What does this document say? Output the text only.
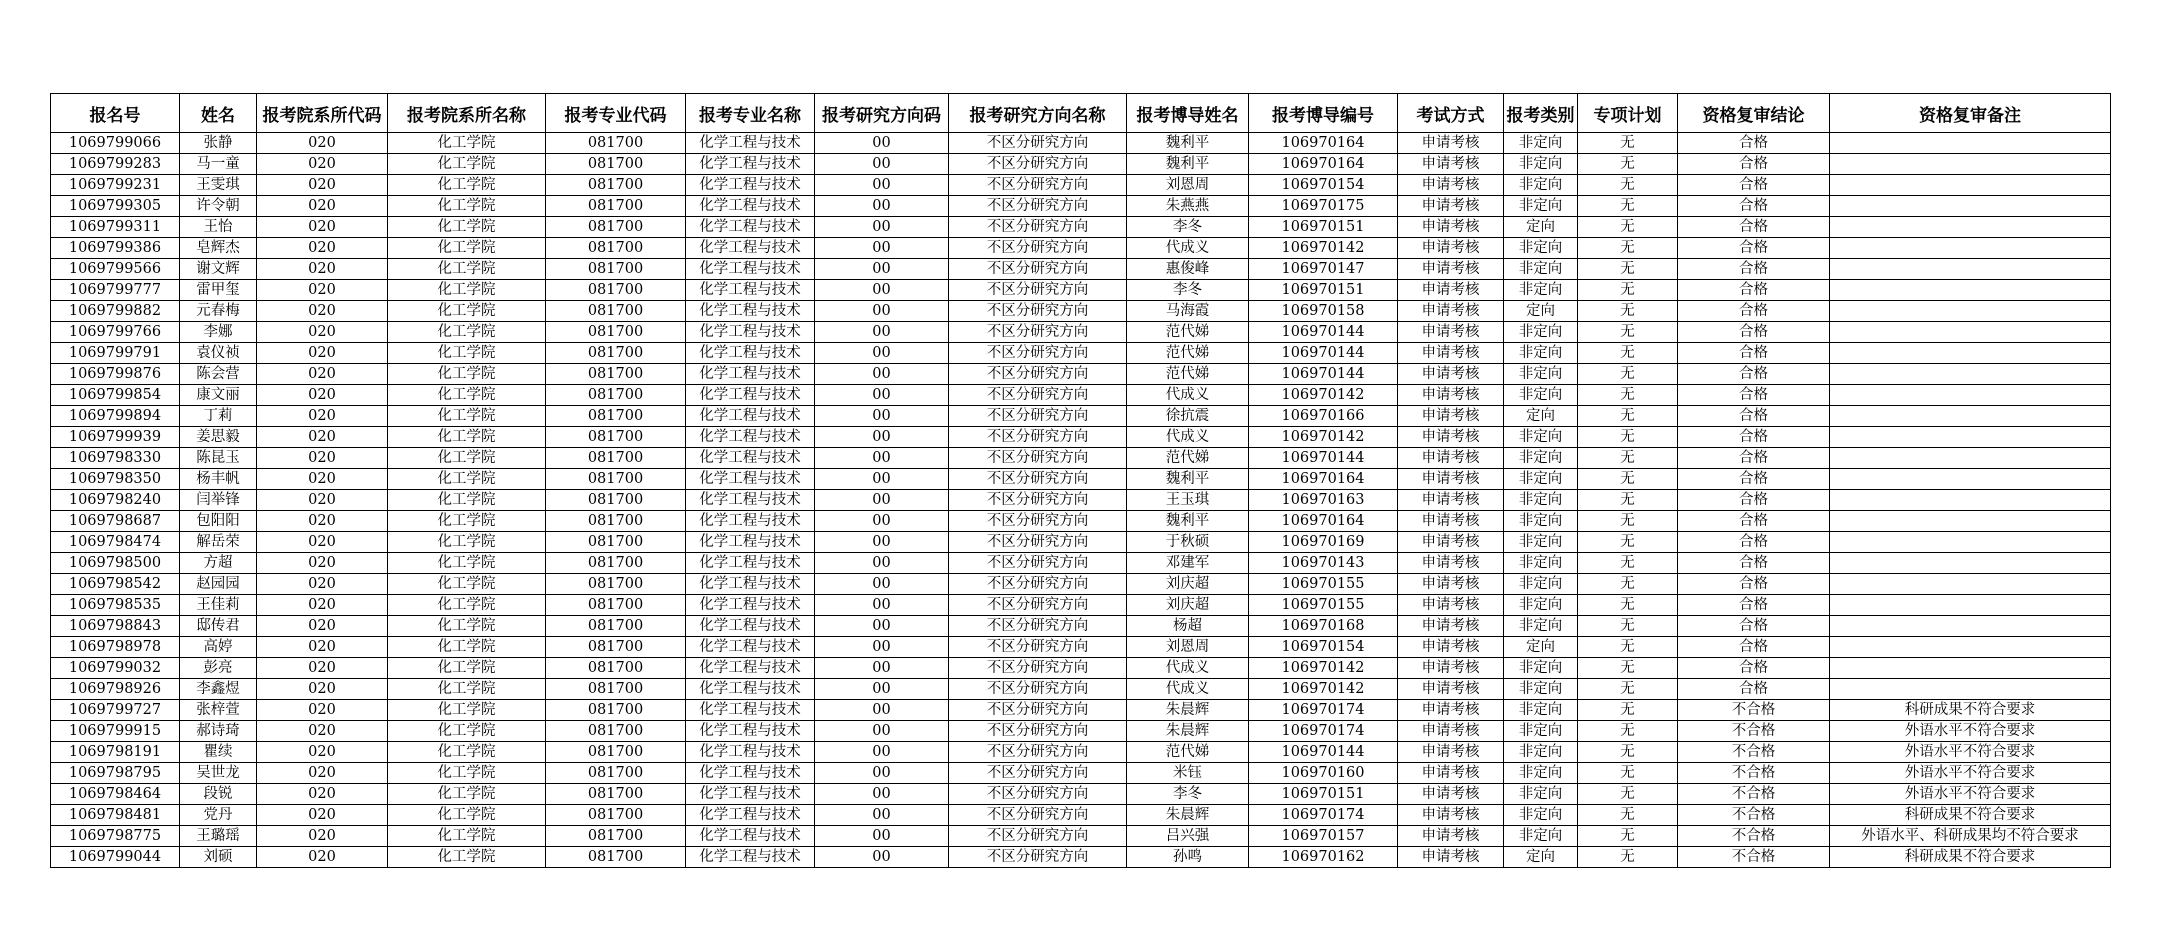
报名号	姓名	报考院系所代码	报考院系所名称	报考专业代码	报考专业名称	报考研究方向码	报考研究方向名称	报考博导姓名	报考博导编号	考试方式	报考类别	专项计划	资格复审结论	资格复审备注
1069799066	张静	020	化工学院	081700	化学工程与技术	00	不区分研究方向	魏利平	106970164	申请考核	非定向	无	合格	
1069799283	马一童	020	化工学院	081700	化学工程与技术	00	不区分研究方向	魏利平	106970164	申请考核	非定向	无	合格	
1069799231	王雯琪	020	化工学院	081700	化学工程与技术	00	不区分研究方向	刘恩周	106970154	申请考核	非定向	无	合格	
1069799305	许令朝	020	化工学院	081700	化学工程与技术	00	不区分研究方向	朱燕燕	106970175	申请考核	非定向	无	合格	
1069799311	王怡	020	化工学院	081700	化学工程与技术	00	不区分研究方向	李冬	106970151	申请考核	定向	无	合格	
1069799386	皂辉杰	020	化工学院	081700	化学工程与技术	00	不区分研究方向	代成义	106970142	申请考核	非定向	无	合格	
1069799566	谢文辉	020	化工学院	081700	化学工程与技术	00	不区分研究方向	惠俊峰	106970147	申请考核	非定向	无	合格	
1069799777	雷甲玺	020	化工学院	081700	化学工程与技术	00	不区分研究方向	李冬	106970151	申请考核	非定向	无	合格	
1069799882	元春梅	020	化工学院	081700	化学工程与技术	00	不区分研究方向	马海霞	106970158	申请考核	定向	无	合格	
1069799766	李娜	020	化工学院	081700	化学工程与技术	00	不区分研究方向	范代娣	106970144	申请考核	非定向	无	合格	
1069799791	袁仪祯	020	化工学院	081700	化学工程与技术	00	不区分研究方向	范代娣	106970144	申请考核	非定向	无	合格	
1069799876	陈会营	020	化工学院	081700	化学工程与技术	00	不区分研究方向	范代娣	106970144	申请考核	非定向	无	合格	
1069799854	康文丽	020	化工学院	081700	化学工程与技术	00	不区分研究方向	代成义	106970142	申请考核	非定向	无	合格	
1069799894	丁莉	020	化工学院	081700	化学工程与技术	00	不区分研究方向	徐抗震	106970166	申请考核	定向	无	合格	
1069799939	姜思毅	020	化工学院	081700	化学工程与技术	00	不区分研究方向	代成义	106970142	申请考核	非定向	无	合格	
1069798330	陈昆玉	020	化工学院	081700	化学工程与技术	00	不区分研究方向	范代娣	106970144	申请考核	非定向	无	合格	
1069798350	杨丰帆	020	化工学院	081700	化学工程与技术	00	不区分研究方向	魏利平	106970164	申请考核	非定向	无	合格	
1069798240	闫举锋	020	化工学院	081700	化学工程与技术	00	不区分研究方向	王玉琪	106970163	申请考核	非定向	无	合格	
1069798687	包阳阳	020	化工学院	081700	化学工程与技术	00	不区分研究方向	魏利平	106970164	申请考核	非定向	无	合格	
1069798474	解岳荣	020	化工学院	081700	化学工程与技术	00	不区分研究方向	于秋硕	106970169	申请考核	非定向	无	合格	
1069798500	方超	020	化工学院	081700	化学工程与技术	00	不区分研究方向	邓建军	106970143	申请考核	非定向	无	合格	
1069798542	赵园园	020	化工学院	081700	化学工程与技术	00	不区分研究方向	刘庆超	106970155	申请考核	非定向	无	合格	
1069798535	王佳莉	020	化工学院	081700	化学工程与技术	00	不区分研究方向	刘庆超	106970155	申请考核	非定向	无	合格	
1069798843	邸传君	020	化工学院	081700	化学工程与技术	00	不区分研究方向	杨超	106970168	申请考核	非定向	无	合格	
1069798978	高婷	020	化工学院	081700	化学工程与技术	00	不区分研究方向	刘恩周	106970154	申请考核	定向	无	合格	
1069799032	彭亮	020	化工学院	081700	化学工程与技术	00	不区分研究方向	代成义	106970142	申请考核	非定向	无	合格	
1069798926	李鑫煜	020	化工学院	081700	化学工程与技术	00	不区分研究方向	代成义	106970142	申请考核	非定向	无	合格	
1069799727	张梓萱	020	化工学院	081700	化学工程与技术	00	不区分研究方向	朱晨辉	106970174	申请考核	非定向	无	不合格	科研成果不符合要求
1069799915	郝诗琦	020	化工学院	081700	化学工程与技术	00	不区分研究方向	朱晨辉	106970174	申请考核	非定向	无	不合格	外语水平不符合要求
1069798191	瞿续	020	化工学院	081700	化学工程与技术	00	不区分研究方向	范代娣	106970144	申请考核	非定向	无	不合格	外语水平不符合要求
1069798795	吴世龙	020	化工学院	081700	化学工程与技术	00	不区分研究方向	米钰	106970160	申请考核	非定向	无	不合格	外语水平不符合要求
1069798464	段锐	020	化工学院	081700	化学工程与技术	00	不区分研究方向	李冬	106970151	申请考核	非定向	无	不合格	外语水平不符合要求
1069798481	党丹	020	化工学院	081700	化学工程与技术	00	不区分研究方向	朱晨辉	106970174	申请考核	非定向	无	不合格	科研成果不符合要求
1069798775	王璐瑶	020	化工学院	081700	化学工程与技术	00	不区分研究方向	吕兴强	106970157	申请考核	非定向	无	不合格	外语水平、科研成果均不符合要求
1069799044	刘硕	020	化工学院	081700	化学工程与技术	00	不区分研究方向	孙鸣	106970162	申请考核	定向	无	不合格	科研成果不符合要求
